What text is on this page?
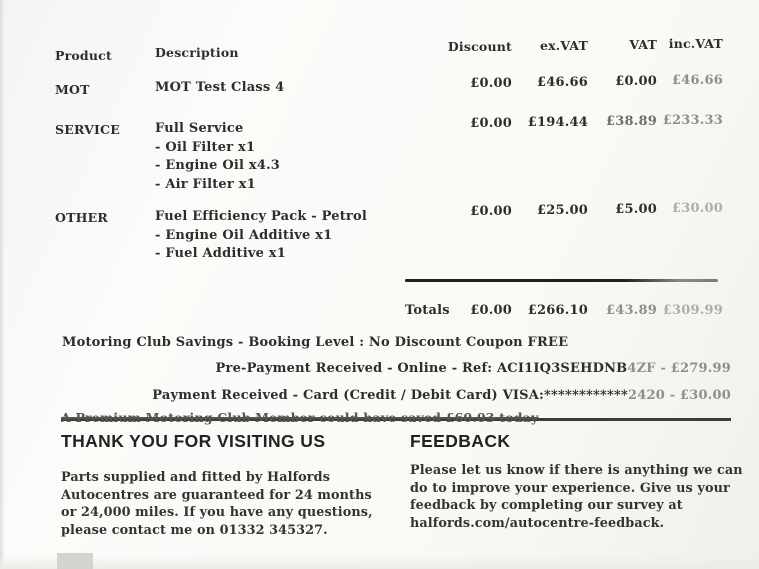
Product	Description	Discount	ex.VAT	VAT inc.VAT
MOT	MOT Test Class 4	£0.00	£46.66	£0.00	£46.66
SERVICE	Full Service
- Oil Filter x1
- Engine Oil x4.3
- Air Filter x1
£0.00	£194.44	£38.89 £233.33
OTHER	Fuel Efficiency Pack - Petrol
- Engine Oil Additive x1
- Fuel Additive x1
£0.00	£25.00	£5.00	£30.00
Totals	£0.00	£266.10	£43.89 £309.99
Motoring Club Savings - Booking Level : No Discount Coupon FREE
Pre-Payment Received - Online - Ref: ACI1IQ3SEHDNB4ZF - £279.99
Payment Received - Card (Credit / Debit Card) VISA:************2420 - £30.00
A Premium Motoring Club Member could have saved £60.03 today
THANK YOU FOR VISITING US
Parts supplied and fitted by Halfords Autocentres are guaranteed for 24 months or 24,000 miles. If you have any questions, please contact me on 01332 345327.
FEEDBACK
Please let us know if there is anything we can do to improve your experience. Give us your feedback by completing our survey at halfords.com/autocentre-feedback.
